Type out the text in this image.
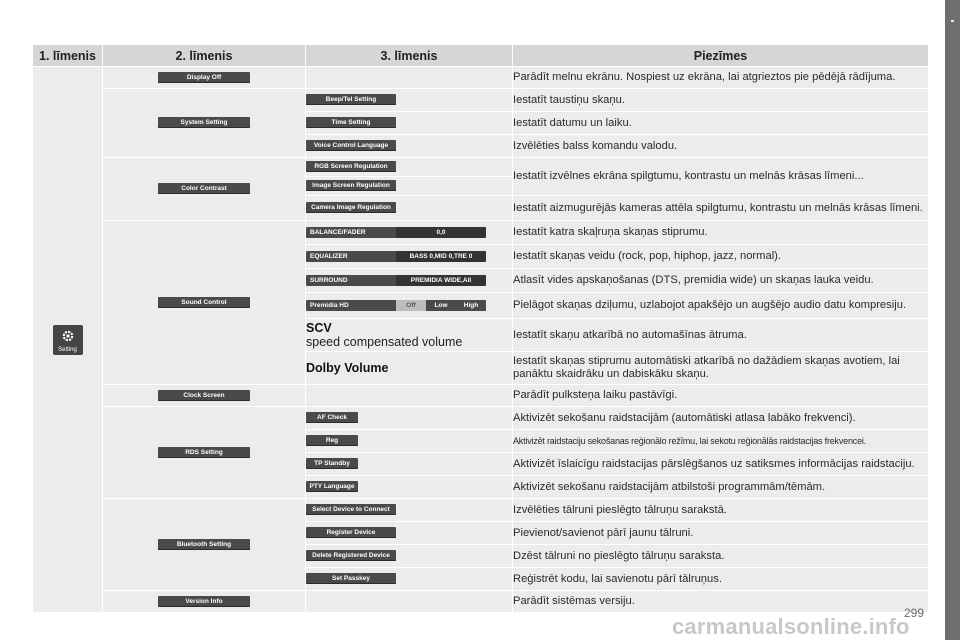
1. līmenis	2. līmenis	3. līmenis	Piezīmes

Setting	Display Off		Parādīt melnu ekrānu. Nospiest uz ekrāna, lai atgrieztos pie pēdējā rādījuma.
	System Setting	Beep/Tel Setting	Iestatīt taustiņu skaņu.
		Time Setting	Iestatīt datumu un laiku.
		Voice Control Language	Izvēlēties balss komandu valodu.
	Color Contrast	RGB Screen Regulation	Iestatīt izvēlnes ekrāna spilgtumu, kontrastu un melnās krāsas līmeni...
		Image Screen Regulation	
		Camera Image Regulation	Iestatīt aizmugurējās kameras attēla spilgtumu, kontrastu un melnās krāsas līmeni.
	Sound Control	BALANCE/FADER 0,0	Iestatīt katra skaļruņa skaņas stiprumu.

		EQUALIZER BASS 0,MID 0,TRE 0	Iestatīt skaņas veidu (rock, pop, hiphop, jazz, normal).

		SURROUND PREMIDIA WIDE,All	Atlasīt vides apskaņošanas (DTS, premidia wide) un skaņas lauka veidu.

		Premidia HD Off Low High	Pielāgot skaņas dziļumu, uzlabojot apakšējo un augšējo audio datu kompresiju.

		SCV
speed compensated volume	Iestatīt skaņu atkarībā no automašīnas ātruma.
		Dolby Volume	Iestatīt skaņas stiprumu automātiski atkarībā no dažādiem skaņas avotiem, lai panāktu skaidrāku un dabiskāku skaņu.
	Clock Screen		Parādīt pulksteņa laiku pastāvīgi.
	RDS Setting	AF Check	Aktivizēt sekošanu raidstacijām (automātiski atlasa labāko frekvenci).
		Reg	Aktivizēt raidstaciju sekošanas reģionālo režīmu, lai sekotu reģionālās raidstacijas frekvencei.
		TP Standby	Aktivizēt īslaicīgu raidstacijas pārslēgšanos uz satiksmes informācijas raidstaciju.
		PTY Language	Aktivizēt sekošanu raidstacijām atbilstoši programmām/tēmām.
	Bluetooth Setting	Select Device to Connect	Izvēlēties tālruni pieslēgto tālruņu sarakstā.
		Register Device	Pievienot/savienot pārī jaunu tālruni.
		Delete Registered Device	Dzēst tālruni no pieslēgto tālruņu saraksta.
		Set Passkey	Reģistrēt kodu, lai savienotu pārī tālruņus.
	Version Info		Parādīt sistēmas versiju.
carmanualsonline.info
299
